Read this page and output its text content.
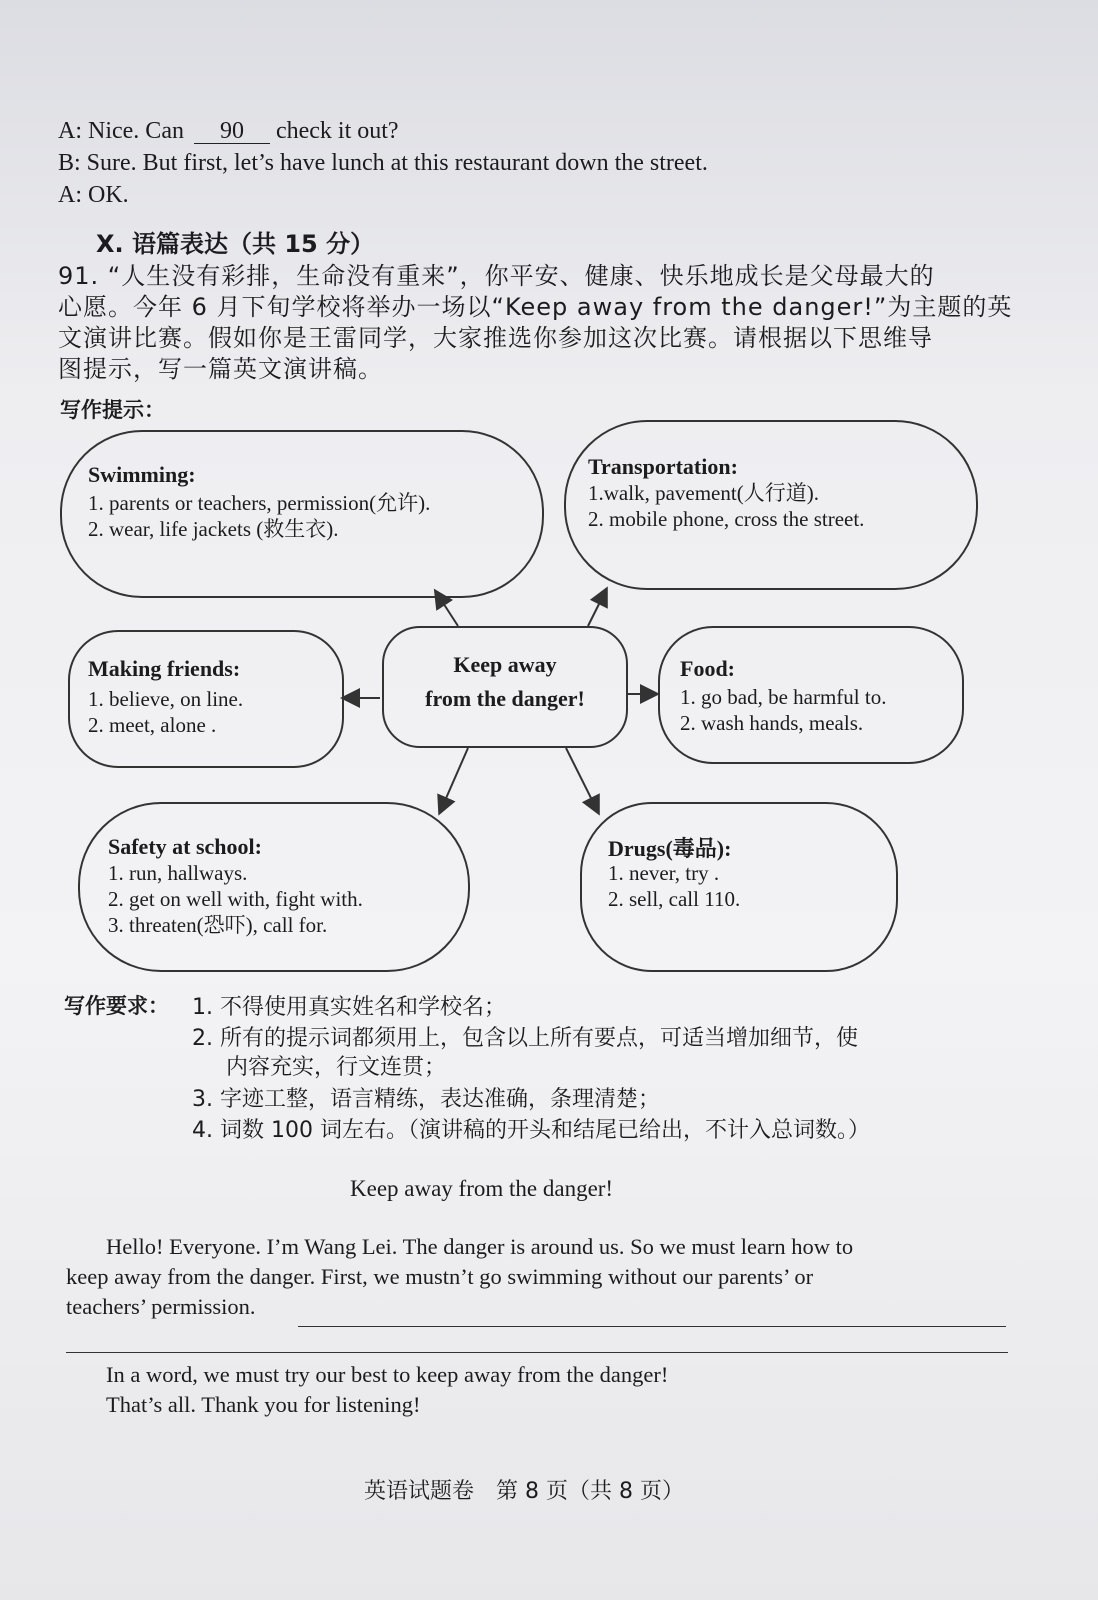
A: Nice. Can 90 check it out?
B: Sure. But first, let’s have lunch at this restaurant down the street.
A: OK.
X. 语篇表达（共 15 分）
91. “人生没有彩排，生命没有重来”，你平安、健康、快乐地成长是父母最大的
心愿。今年 6 月下旬学校将举办一场以“Keep away from the danger!”为主题的英
文演讲比赛。假如你是王雷同学，大家推选你参加这次比赛。请根据以下思维导
图提示，写一篇英文演讲稿。
写作提示：
Swimming:
1. parents or teachers, permission(允许).
2. wear, life jackets (救生衣).
Transportation:
1.walk, pavement(人行道).
2. mobile phone, cross the street.
Making friends:
1. believe, on line.
2. meet, alone .
Keep away
from the danger!
Food:
1. go bad, be harmful to.
2. wash hands, meals.
Safety at school:
1. run, hallways.
2. get on well with, fight with.
3. threaten(恐吓), call for.
Drugs(毒品):
1. never, try .
2. sell, call 110.
写作要求： 1. 不得使用真实姓名和学校名；
2. 所有的提示词都须用上，包含以上所有要点，可适当增加细节，使
内容充实，行文连贯；
3. 字迹工整，语言精练，表达准确，条理清楚；
4. 词数 100 词左右。（演讲稿的开头和结尾已给出，不计入总词数。）
Keep away from the danger!
Hello! Everyone. I’m Wang Lei. The danger is around us. So we must learn how to
keep away from the danger. First, we mustn’t go swimming without our parents’ or
teachers’ permission.
In a word, we must try our best to keep away from the danger!
That’s all. Thank you for listening!
英语试题卷　第 8 页（共 8 页）
